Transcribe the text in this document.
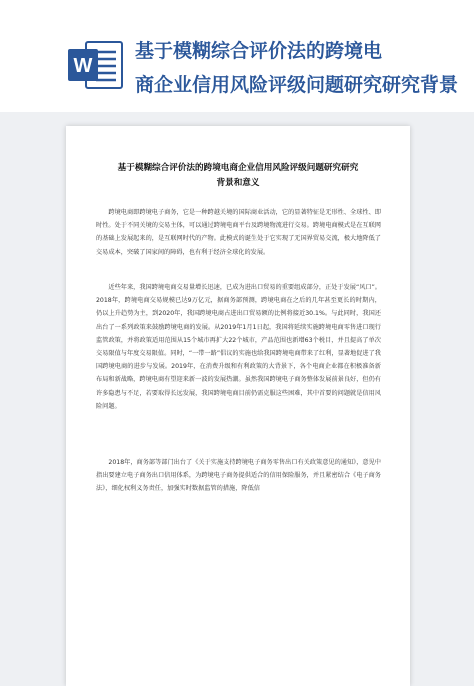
W
基于模糊综合评价法的跨境电
商企业信用风险评级问题研究研究背景
基于模糊综合评价法的跨境电商企业信用风险评级问题研究研究
背景和意义
跨境电商即跨境电子商务，它是一种跨越关境的国际商业活动，它的显著特征是无形性、全球性、即时性。处于不同关境的交易主体，可以通过跨境电商平台及跨境物流进行交易。跨境电商模式是在互联网的基础上发展起来的，是互联网时代的产物。此模式的诞生处于它实现了无国界贸易交流，极大地降低了交易成本，突破了国家间的障碍，也有利于经济全球化的发展。
近些年来，我国跨境电商交易量增长迅速，已成为进出口贸易的重要组成部分，正处于发展“风口”。2018年，跨境电商交易规模已达9万亿元，据商务部预测，跨境电商在之后的几年甚至更长的时期内，仍以上升趋势为主，到2020年，我国跨境电商占进出口贸易额的比例将接近30.1%。与此同时，我国还出台了一系列政策来鼓励跨境电商的发展。从2019年1月1日起，我国将延续实施跨境电商零售进口现行监管政策，并将政策适用范围从15个城市再扩大22个城市，产品范围也新增63个税目，并且提高了单次交易限值与年度交易限值。同时，“一带一路”倡议的实施也给我国跨境电商带来了红利，显著地促进了我国跨境电商的进步与发展。2019年，在消费升级和有利政策的大背景下，各个电商企业都在积极准备新布局和新战略，跨境电商有望迎来新一波的发展热潮。虽然我国跨境电子商务整体发展前景良好，但仍有许多隐患与不足，若要取得长远发展，我国跨境电商目前仍需克服这些困难，其中首要的问题就是信用风险问题。
2018年，商务部等部门出台了《关于实施支持跨境电子商务零售出口有关政策意见的通知》，意见中指出要建立电子商务出口信用体系，为跨境电子商务提供适合的信用保险服务，并且紧密结合《电子商务法》，细化权利义务责任，加强实时数据监管的措施，降低信
